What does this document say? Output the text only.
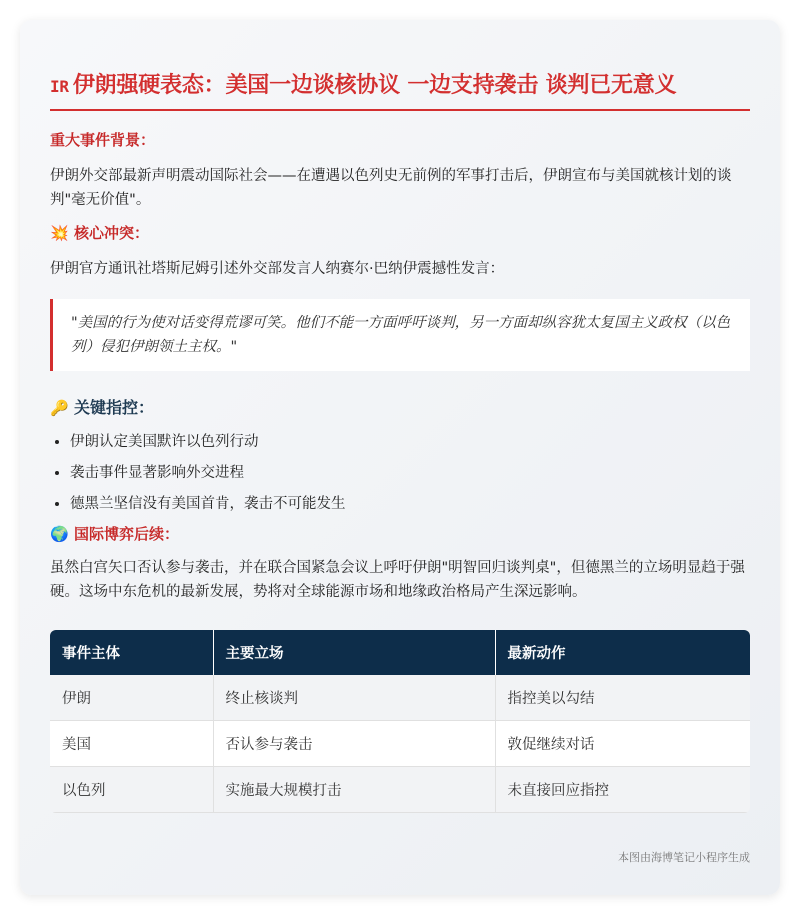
IR 伊朗强硬表态：美国一边谈核协议 一边支持袭击 谈判已无意义
重大事件背景：

伊朗外交部最新声明震动国际社会——在遭遇以色列史无前例的军事打击后，伊朗宣布与美国就核计划的谈判"毫无价值"。

💥 核心冲突：

伊朗官方通讯社塔斯尼姆引述外交部发言人纳赛尔·巴纳伊震撼性发言：

"美国的行为使对话变得荒谬可笑。他们不能一方面呼吁谈判，另一方面却纵容犹太复国主义政权（以色列）侵犯伊朗领土主权。"
🔑 关键指控：
• 伊朗认定美国默许以色列行动
• 袭击事件显著影响外交进程
• 德黑兰坚信没有美国首肯，袭击不可能发生
🌍 国际博弈后续：

虽然白宫矢口否认参与袭击，并在联合国紧急会议上呼吁伊朗"明智回归谈判桌"，但德黑兰的立场明显趋于强硬。这场中东危机的最新发展，势将对全球能源市场和地缘政治格局产生深远影响。

事件主体	主要立场	最新动作
伊朗	终止核谈判	指控美以勾结
美国	否认参与袭击	敦促继续对话
以色列	实施最大规模打击	未直接回应指控
本图由海博笔记小程序生成
